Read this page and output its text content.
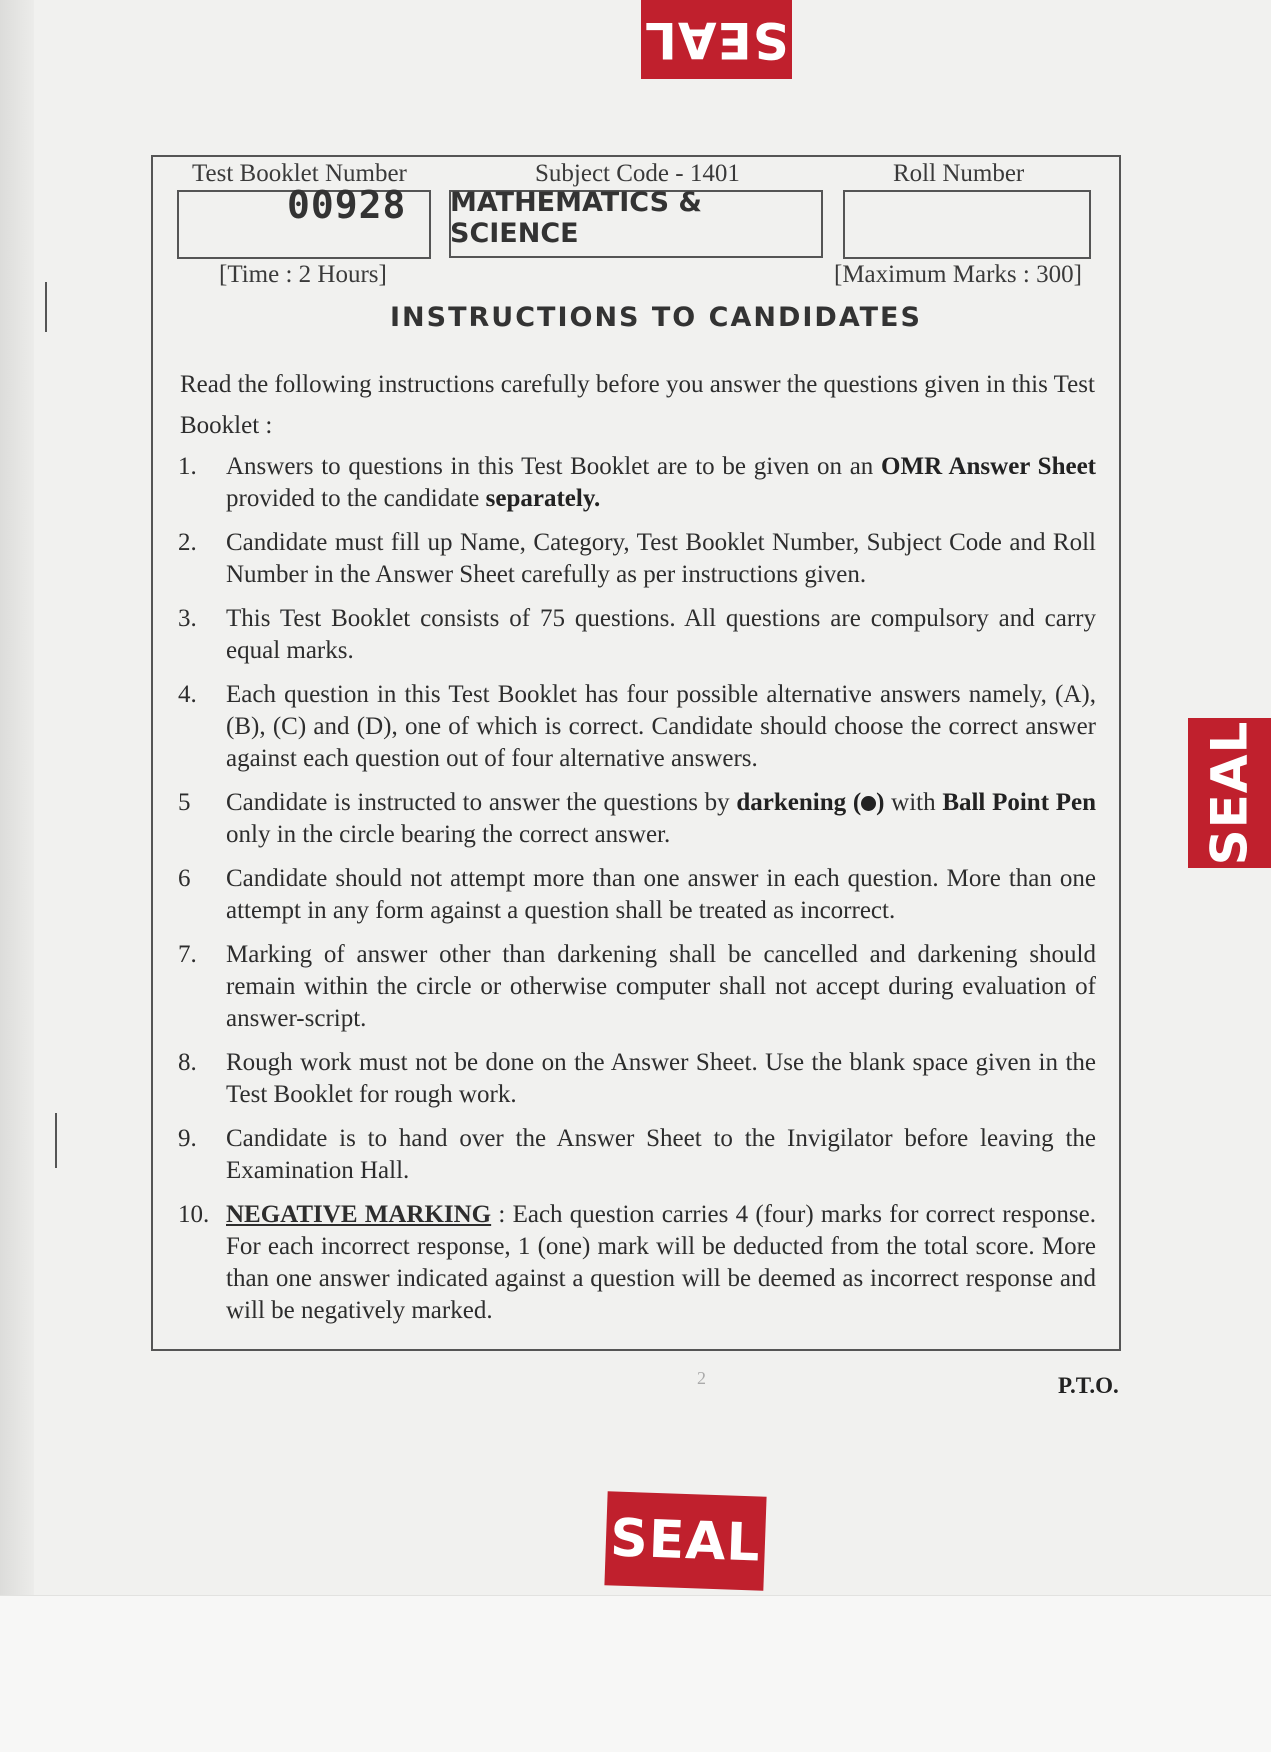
SEAL
SEAL
SEAL
Test Booklet Number
00928
Subject Code - 1401
MATHEMATICS & SCIENCE
Roll Number
[Time : 2 Hours]	[Maximum Marks : 300]
INSTRUCTIONS TO CANDIDATES
Read the following instructions carefully before you answer the questions given in this Test Booklet :
1. Answers to questions in this Test Booklet are to be given on an OMR Answer Sheet provided to the candidate separately.
2. Candidate must fill up Name, Category, Test Booklet Number, Subject Code and Roll Number in the Answer Sheet carefully as per instructions given.
3. This Test Booklet consists of 75 questions. All questions are compulsory and carry equal marks.
4. Each question in this Test Booklet has four possible alternative answers namely, (A), (B), (C) and (D), one of which is correct. Candidate should choose the correct answer against each question out of four alternative answers.
5 Candidate is instructed to answer the questions by darkening ( ) with Ball Point Pen only in the circle bearing the correct answer.
6 Candidate should not attempt more than one answer in each question. More than one attempt in any form against a question shall be treated as incorrect.
7. Marking of answer other than darkening shall be cancelled and darkening should remain within the circle or otherwise computer shall not accept during evaluation of answer-script.
8. Rough work must not be done on the Answer Sheet. Use the blank space given in the Test Booklet for rough work.
9. Candidate is to hand over the Answer Sheet to the Invigilator before leaving the Examination Hall.
10. NEGATIVE MARKING : Each question carries 4 (four) marks for correct response. For each incorrect response, 1 (one) mark will be deducted from the total score. More than one answer indicated against a question will be deemed as incorrect response and will be negatively marked.
2	P.T.O.
